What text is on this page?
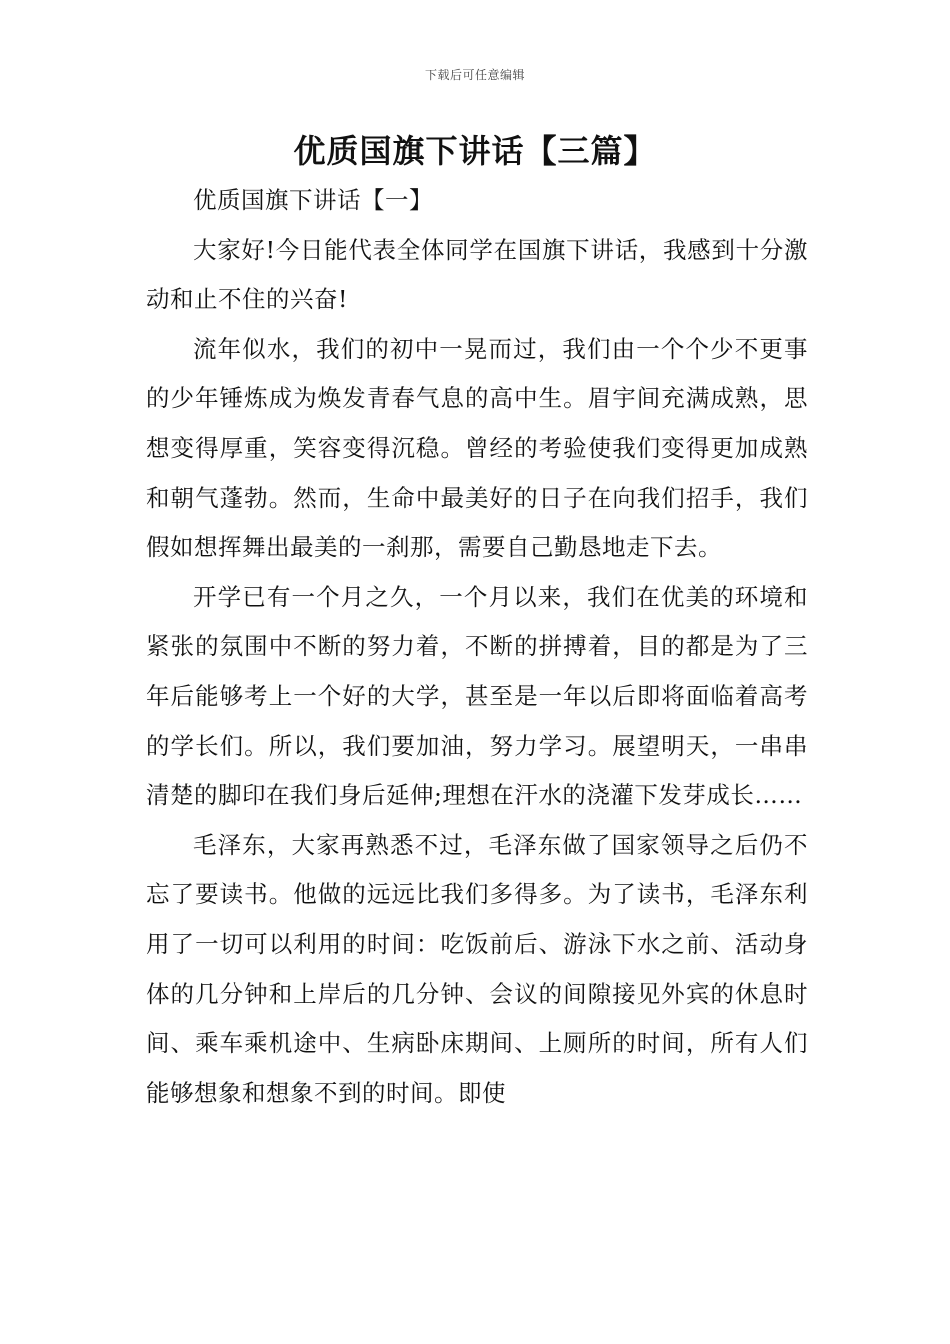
下载后可任意编辑
优质国旗下讲话【三篇】

优质国旗下讲话【一】

大家好!今日能代表全体同学在国旗下讲话，我感到十分激动和止不住的兴奋!

流年似水，我们的初中一晃而过，我们由一个个少不更事的少年锤炼成为焕发青春气息的高中生。眉宇间充满成熟，思想变得厚重，笑容变得沉稳。曾经的考验使我们变得更加成熟和朝气蓬勃。然而，生命中最美好的日子在向我们招手，我们假如想挥舞出最美的一刹那，需要自己勤恳地走下去。

开学已有一个月之久，一个月以来，我们在优美的环境和紧张的氛围中不断的努力着，不断的拼搏着，目的都是为了三年后能够考上一个好的大学，甚至是一年以后即将面临着高考的学长们。所以，我们要加油，努力学习。展望明天，一串串清楚的脚印在我们身后延伸;理想在汗水的浇灌下发芽成长……

毛泽东，大家再熟悉不过，毛泽东做了国家领导之后仍不忘了要读书。他做的远远比我们多得多。为了读书，毛泽东利用了一切可以利用的时间：吃饭前后、游泳下水之前、活动身体的几分钟和上岸后的几分钟、会议的间隙接见外宾的休息时间、乘车乘机途中、生病卧床期间、上厕所的时间，所有人们能够想象和想象不到的时间。即使
